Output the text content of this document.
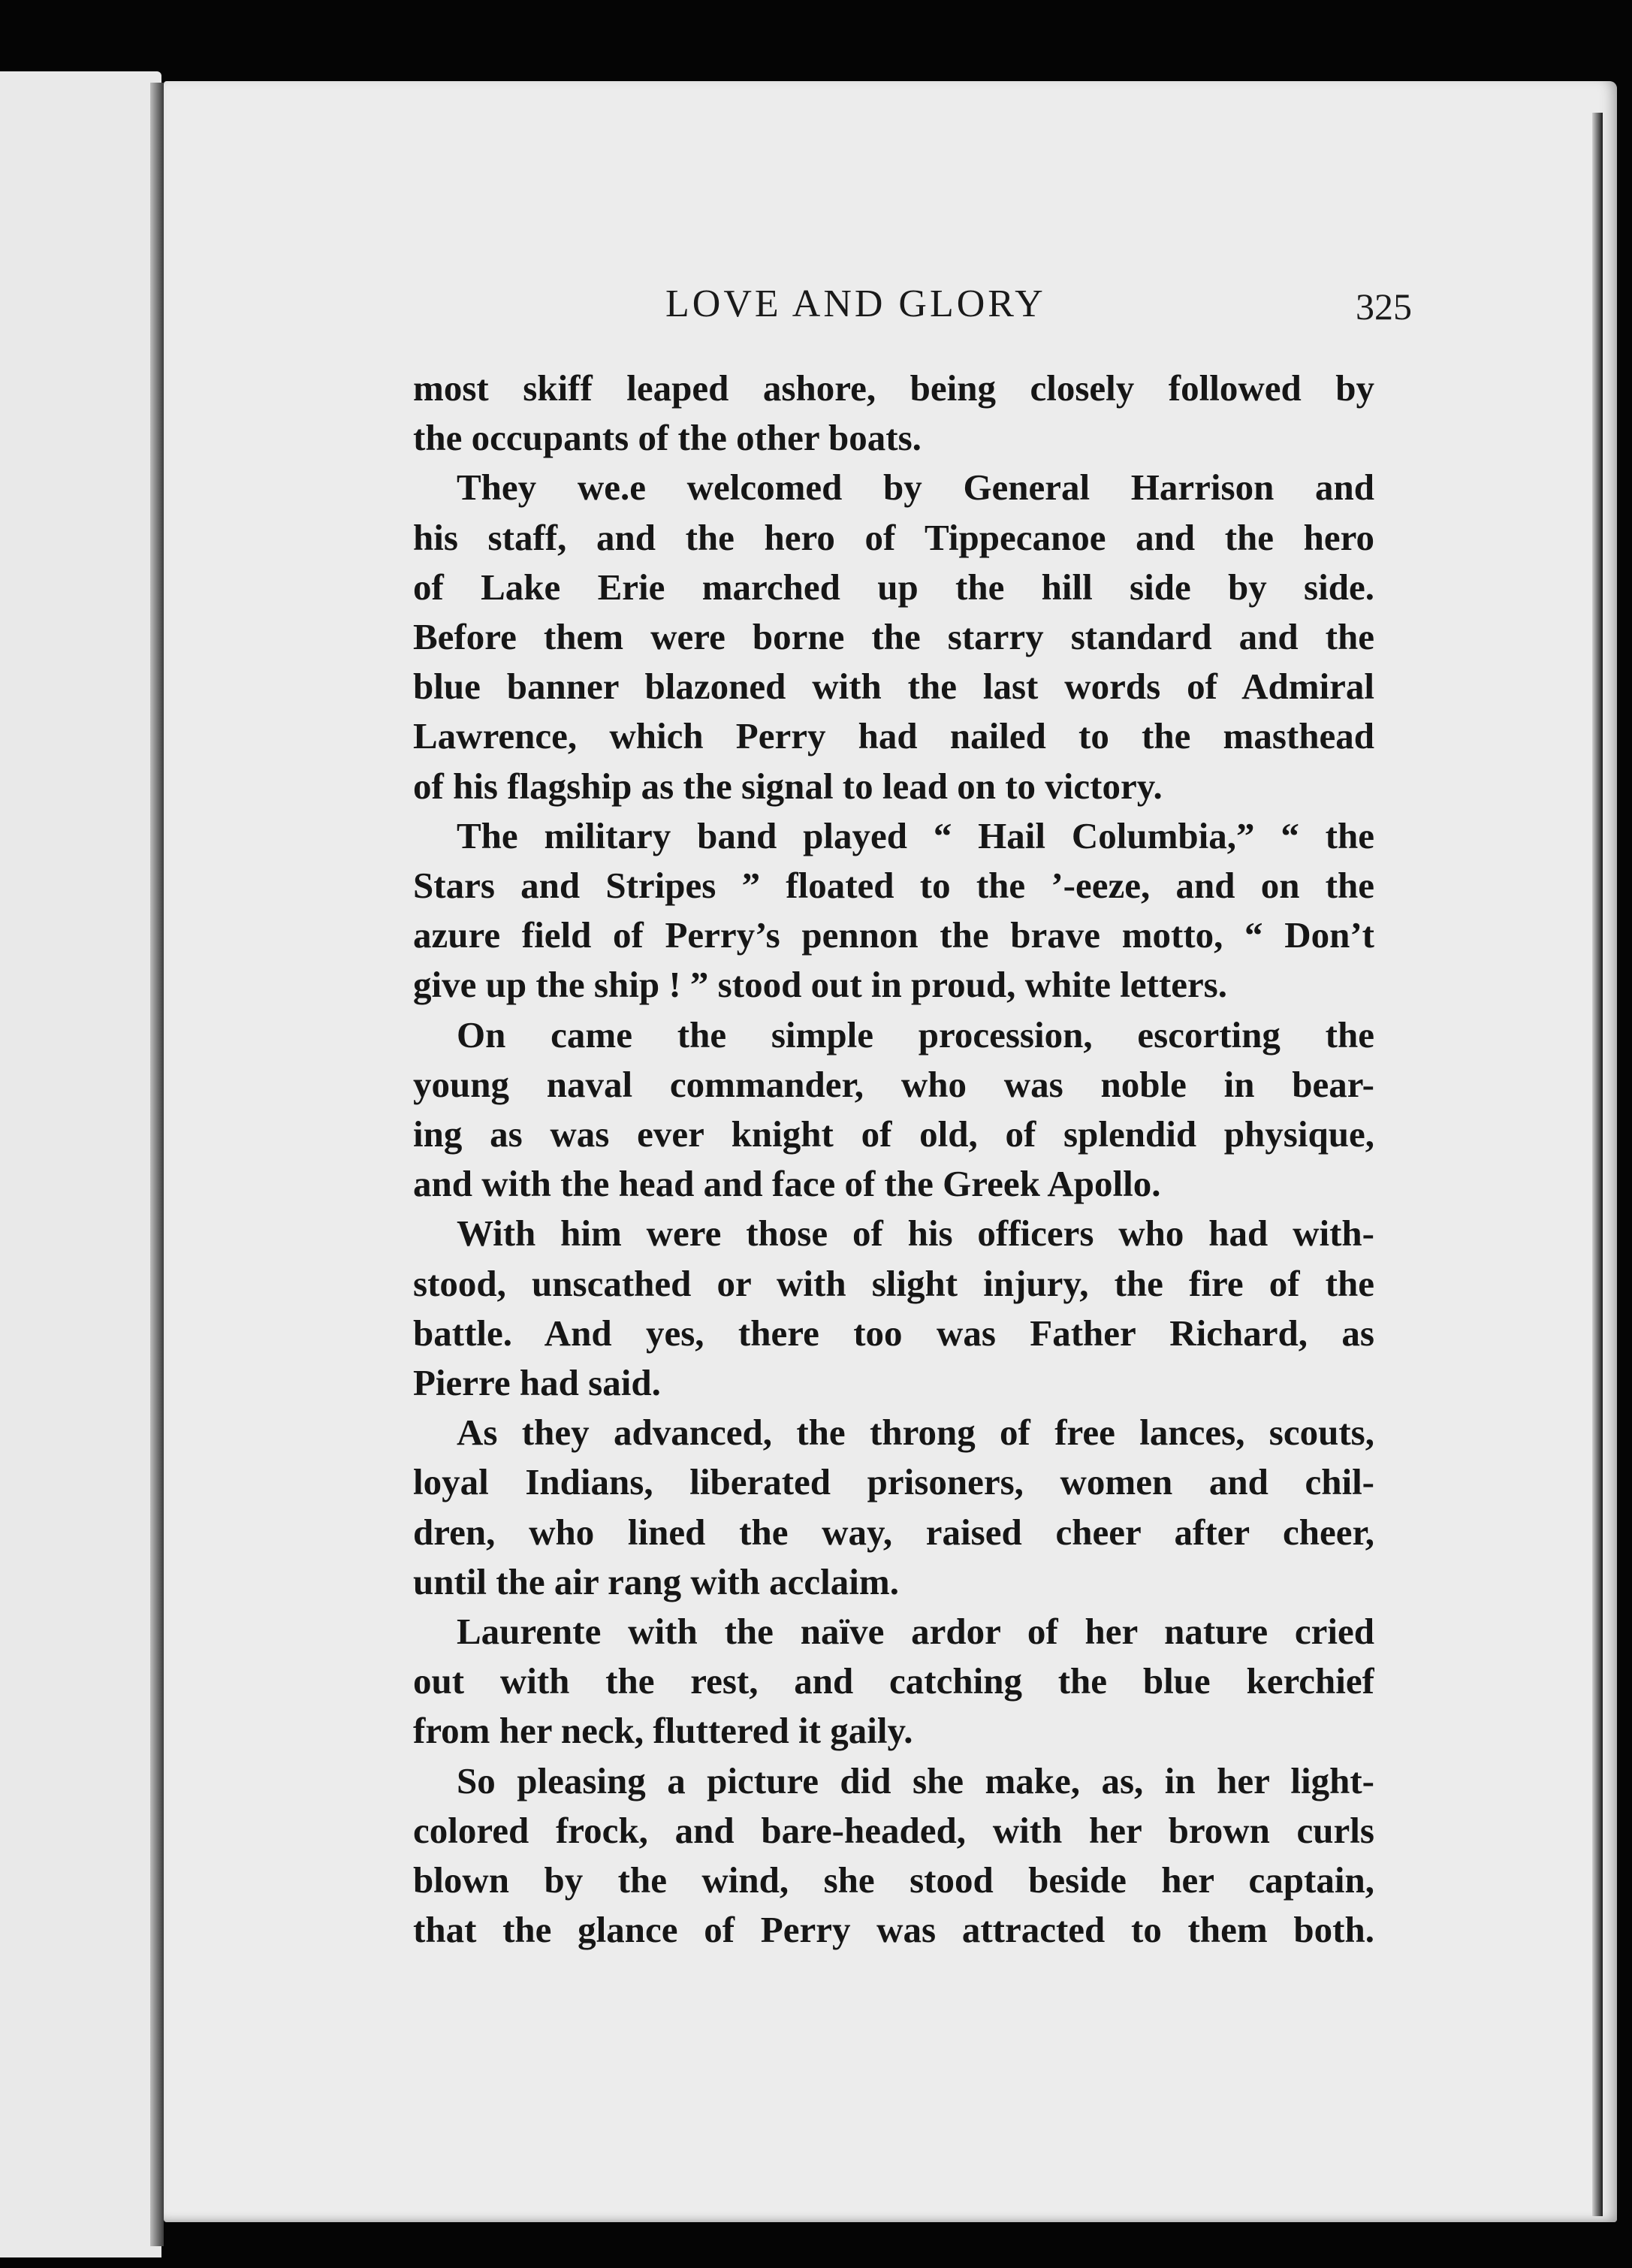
LOVE AND GLORY	325

most skiff leaped ashore, being closely followed by
the occupants of the other boats.

They we.e welcomed by General Harrison and
his staff, and the hero of Tippecanoe and the hero
of Lake Erie marched up the hill side by side.
Before them were borne the starry standard and the
blue banner blazoned with the last words of Admiral
Lawrence, which Perry had nailed to the masthead
of his flagship as the signal to lead on to victory.

The military band played “ Hail Columbia,” “ the
Stars and Stripes ” floated to the ’-eeze, and on the
azure field of Perry’s pennon the brave motto, “ Don’t
give up the ship ! ” stood out in proud, white letters.

On came the simple procession, escorting the
young naval commander, who was noble in bear-
ing as was ever knight of old, of splendid physique,
and with the head and face of the Greek Apollo.

With him were those of his officers who had with-
stood, unscathed or with slight injury, the fire of the
battle. And yes, there too was Father Richard, as
Pierre had said.

As they advanced, the throng of free lances, scouts,
loyal Indians, liberated prisoners, women and chil-
dren, who lined the way, raised cheer after cheer,
until the air rang with acclaim.

Laurente with the naïve ardor of her nature cried
out with the rest, and catching the blue kerchief
from her neck, fluttered it gaily.

So pleasing a picture did she make, as, in her light-
colored frock, and bare-headed, with her brown curls
blown by the wind, she stood beside her captain,
that the glance of Perry was attracted to them both.
